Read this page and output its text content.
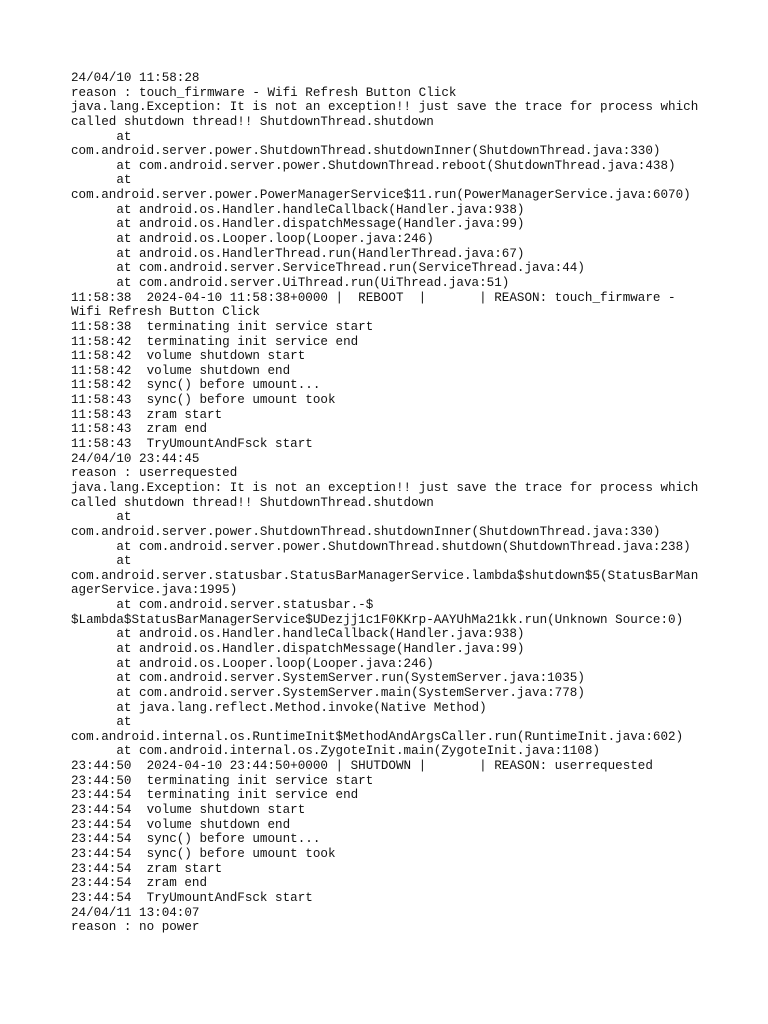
24/04/10 11:58:28
reason : touch_firmware - Wifi Refresh Button Click
java.lang.Exception: It is not an exception!! just save the trace for process which
called shutdown thread!! ShutdownThread.shutdown
at
com.android.server.power.ShutdownThread.shutdownInner(ShutdownThread.java:330)
at com.android.server.power.ShutdownThread.reboot(ShutdownThread.java:438)
at
com.android.server.power.PowerManagerService$11.run(PowerManagerService.java:6070)
at android.os.Handler.handleCallback(Handler.java:938)
at android.os.Handler.dispatchMessage(Handler.java:99)
at android.os.Looper.loop(Looper.java:246)
at android.os.HandlerThread.run(HandlerThread.java:67)
at com.android.server.ServiceThread.run(ServiceThread.java:44)
at com.android.server.UiThread.run(UiThread.java:51)
11:58:38  2024-04-10 11:58:38+0000 |  REBOOT  |       | REASON: touch_firmware -
Wifi Refresh Button Click
11:58:38  terminating init service start
11:58:42  terminating init service end
11:58:42  volume shutdown start
11:58:42  volume shutdown end
11:58:42  sync() before umount...
11:58:43  sync() before umount took
11:58:43  zram start
11:58:43  zram end
11:58:43  TryUmountAndFsck start
24/04/10 23:44:45
reason : userrequested
java.lang.Exception: It is not an exception!! just save the trace for process which
called shutdown thread!! ShutdownThread.shutdown
at
com.android.server.power.ShutdownThread.shutdownInner(ShutdownThread.java:330)
at com.android.server.power.ShutdownThread.shutdown(ShutdownThread.java:238)
at
com.android.server.statusbar.StatusBarManagerService.lambda$shutdown$5(StatusBarMan
agerService.java:1995)
at com.android.server.statusbar.-$
$Lambda$StatusBarManagerService$UDezjj1c1F0KKrp-AAYUhMa21kk.run(Unknown Source:0)
at android.os.Handler.handleCallback(Handler.java:938)
at android.os.Handler.dispatchMessage(Handler.java:99)
at android.os.Looper.loop(Looper.java:246)
at com.android.server.SystemServer.run(SystemServer.java:1035)
at com.android.server.SystemServer.main(SystemServer.java:778)
at java.lang.reflect.Method.invoke(Native Method)
at
com.android.internal.os.RuntimeInit$MethodAndArgsCaller.run(RuntimeInit.java:602)
at com.android.internal.os.ZygoteInit.main(ZygoteInit.java:1108)
23:44:50  2024-04-10 23:44:50+0000 | SHUTDOWN |       | REASON: userrequested
23:44:50  terminating init service start
23:44:54  terminating init service end
23:44:54  volume shutdown start
23:44:54  volume shutdown end
23:44:54  sync() before umount...
23:44:54  sync() before umount took
23:44:54  zram start
23:44:54  zram end
23:44:54  TryUmountAndFsck start
24/04/11 13:04:07
reason : no power
